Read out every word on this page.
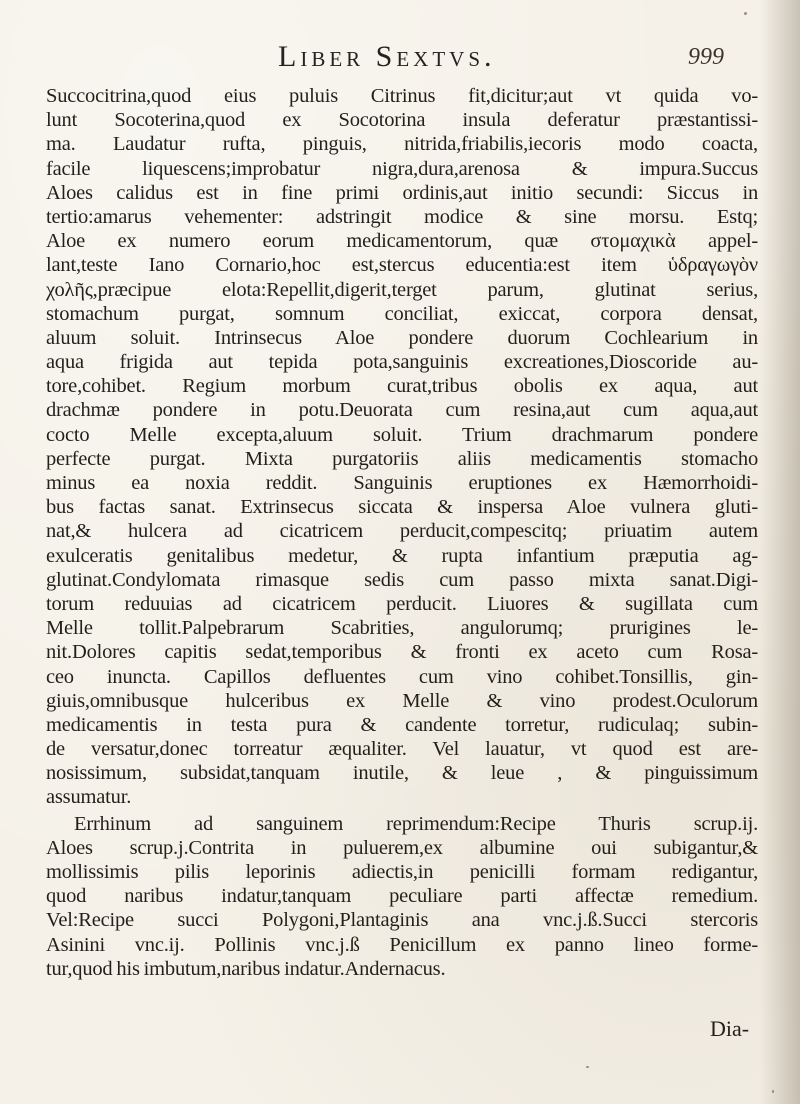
Liber Sextvs.	999
Succocitrina,quod eius puluis Citrinus fit,dicitur;aut vt quida vo-
lunt Socoterina,quod ex Socotorina insula deferatur præstantissi-
ma. Laudatur rufta, pinguis, nitrida,friabilis,iecoris modo coacta,
facile liquescens;improbatur nigra,dura,arenosa & impura.Succus
Aloes calidus est in fine primi ordinis,aut initio secundi: Siccus in
tertio:amarus vehementer: adstringit modice & sine morsu. Estq;
Aloe ex numero eorum medicamentorum, quæ στομαχικὰ appel-
lant,teste Iano Cornario,hoc est,stercus educentia:est item ὑδραγωγὸν
χολῆς,præcipue elota:Repellit,digerit,terget parum, glutinat serius,
stomachum purgat, somnum conciliat, exiccat, corpora densat,
aluum soluit. Intrinsecus Aloe pondere duorum Cochlearium in
aqua frigida aut tepida pota,sanguinis excreationes,Dioscoride au-
tore,cohibet. Regium morbum curat,tribus obolis ex aqua, aut
drachmæ pondere in potu.Deuorata cum resina,aut cum aqua,aut
cocto Melle excepta,aluum soluit. Trium drachmarum pondere
perfecte purgat. Mixta purgatoriis aliis medicamentis stomacho
minus ea noxia reddit. Sanguinis eruptiones ex Hæmorrhoidi-
bus factas sanat. Extrinsecus siccata & inspersa Aloe vulnera gluti-
nat,& hulcera ad cicatricem perducit,compescitq; priuatim autem
exulceratis genitalibus medetur, & rupta infantium præputia ag-
glutinat.Condylomata rimasque sedis cum passo mixta sanat.Digi-
torum reduuias ad cicatricem perducit. Liuores & sugillata cum
Melle tollit.Palpebrarum Scabrities, angulorumq; prurigines le-
nit.Dolores capitis sedat,temporibus & fronti ex aceto cum Rosa-
ceo inuncta. Capillos defluentes cum vino cohibet.Tonsillis, gin-
giuis,omnibusque hulceribus ex Melle & vino prodest.Oculorum
medicamentis in testa pura & candente torretur, rudiculaq; subin-
de versatur,donec torreatur æqualiter. Vel lauatur, vt quod est are-
nosissimum, subsidat,tanquam inutile, & leue , & pinguissimum
assumatur.
Errhinum ad sanguinem reprimendum:Recipe Thuris scrup.ij.
Aloes scrup.j.Contrita in puluerem,ex albumine oui subigantur,&
mollissimis pilis leporinis adiectis,in penicilli formam redigantur,
quod naribus indatur,tanquam peculiare parti affectæ remedium.
Vel:Recipe succi Polygoni,Plantaginis ana vnc.j.ß.Succi stercoris
Asinini vnc.ij. Pollinis vnc.j.ß Penicillum ex panno lineo forme-
tur,quod his imbutum,naribus indatur.Andernacus.
Dia-
